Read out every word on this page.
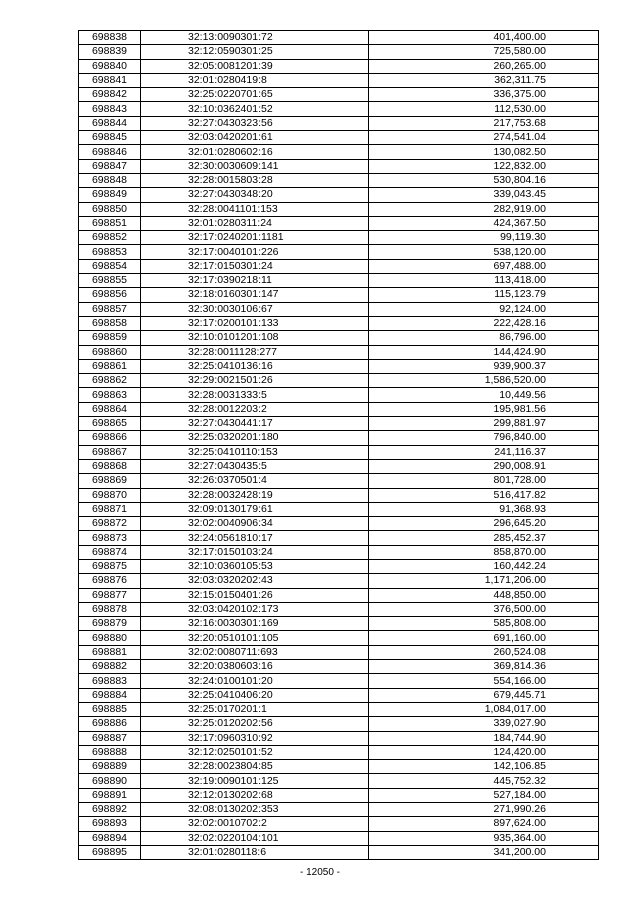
698838	32:13:0090301:72	401,400.00
698839	32:12:0590301:25	725,580.00
698840	32:05:0081201:39	260,265.00
698841	32:01:0280419:8	362,311.75
698842	32:25:0220701:65	336,375.00
698843	32:10:0362401:52	112,530.00
698844	32:27:0430323:56	217,753.68
698845	32:03:0420201:61	274,541.04
698846	32:01:0280602:16	130,082.50
698847	32:30:0030609:141	122,832.00
698848	32:28:0015803:28	530,804.16
698849	32:27:0430348:20	339,043.45
698850	32:28:0041101:153	282,919.00
698851	32:01:0280311:24	424,367.50
698852	32:17:0240201:1181	99,119.30
698853	32:17:0040101:226	538,120.00
698854	32:17:0150301:24	697,488.00
698855	32:17:0390218:11	113,418.00
698856	32:18:0160301:147	115,123.79
698857	32:30:0030106:67	92,124.00
698858	32:17:0200101:133	222,428.16
698859	32:10:0101201:108	86,796.00
698860	32:28:0011128:277	144,424.90
698861	32:25:0410136:16	939,900.37
698862	32:29:0021501:26	1,586,520.00
698863	32:28:0031333:5	10,449.56
698864	32:28:0012203:2	195,981.56
698865	32:27:0430441:17	299,881.97
698866	32:25:0320201:180	796,840.00
698867	32:25:0410110:153	241,116.37
698868	32:27:0430435:5	290,008.91
698869	32:26:0370501:4	801,728.00
698870	32:28:0032428:19	516,417.82
698871	32:09:0130179:61	91,368.93
698872	32:02:0040906:34	296,645.20
698873	32:24:0561810:17	285,452.37
698874	32:17:0150103:24	858,870.00
698875	32:10:0360105:53	160,442.24
698876	32:03:0320202:43	1,171,206.00
698877	32:15:0150401:26	448,850.00
698878	32:03:0420102:173	376,500.00
698879	32:16:0030301:169	585,808.00
698880	32:20:0510101:105	691,160.00
698881	32:02:0080711:693	260,524.08
698882	32:20:0380603:16	369,814.36
698883	32:24:0100101:20	554,166.00
698884	32:25:0410406:20	679,445.71
698885	32:25:0170201:1	1,084,017.00
698886	32:25:0120202:56	339,027.90
698887	32:17:0960310:92	184,744.90
698888	32:12:0250101:52	124,420.00
698889	32:28:0023804:85	142,106.85
698890	32:19:0090101:125	445,752.32
698891	32:12:0130202:68	527,184.00
698892	32:08:0130202:353	271,990.26
698893	32:02:0010702:2	897,624.00
698894	32:02:0220104:101	935,364.00
698895	32:01:0280118:6	341,200.00
- 12050 -
